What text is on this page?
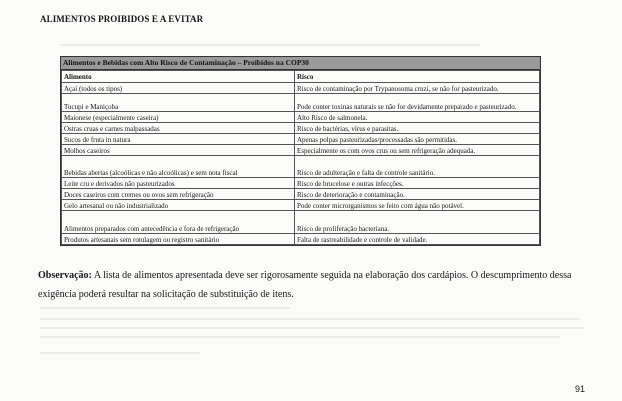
ALIMENTOS PROIBIDOS E A EVITAR
Alimentos e Bebidas com Alto Risco de Contaminação – Proibidos na COP30
Alimento	Risco
Açaí (todos os tipos)	Risco de contaminação por Trypanosoma cruzi, se não for pasteurizado.
Tucupi e Maniçoba	Pode conter toxinas naturais se não for devidamente preparado e pasteurizado.
Maionese (especialmente caseira)	Alto Risco de salmonela.
Ostras cruas e carnes malpassadas	Risco de bactérias, vírus e parasitas.
Sucos de fruta in natura	Apenas polpas pasteurizadas/processadas são permitidas.
Molhos caseiros	Especialmente os com ovos crus ou sem refrigeração adequada.
Bebidas abertas (alcoólicas e não alcoólicas) e sem nota fiscal	Risco de adulteração e falta de controle sanitário.
Leite cru e derivados não pasteurizados	Risco de brucelose e outras infecções.
Doces caseiros com cremes ou ovos sem refrigeração	Risco de deterioração e contaminação.
Gelo artesanal ou não industrializado	Pode conter microrganismos se feito com água não potável.
Alimentos preparados com antecedência e fora de refrigeração	Risco de proliferação bacteriana.
Produtos artesanais sem rotulagem ou registro sanitário	Falta de rastreabilidade e controle de validade.
Observação: A lista de alimentos apresentada deve ser rigorosamente seguida na elaboração dos cardápios. O descumprimento dessa exigência poderá resultar na solicitação de substituição de itens.
91
